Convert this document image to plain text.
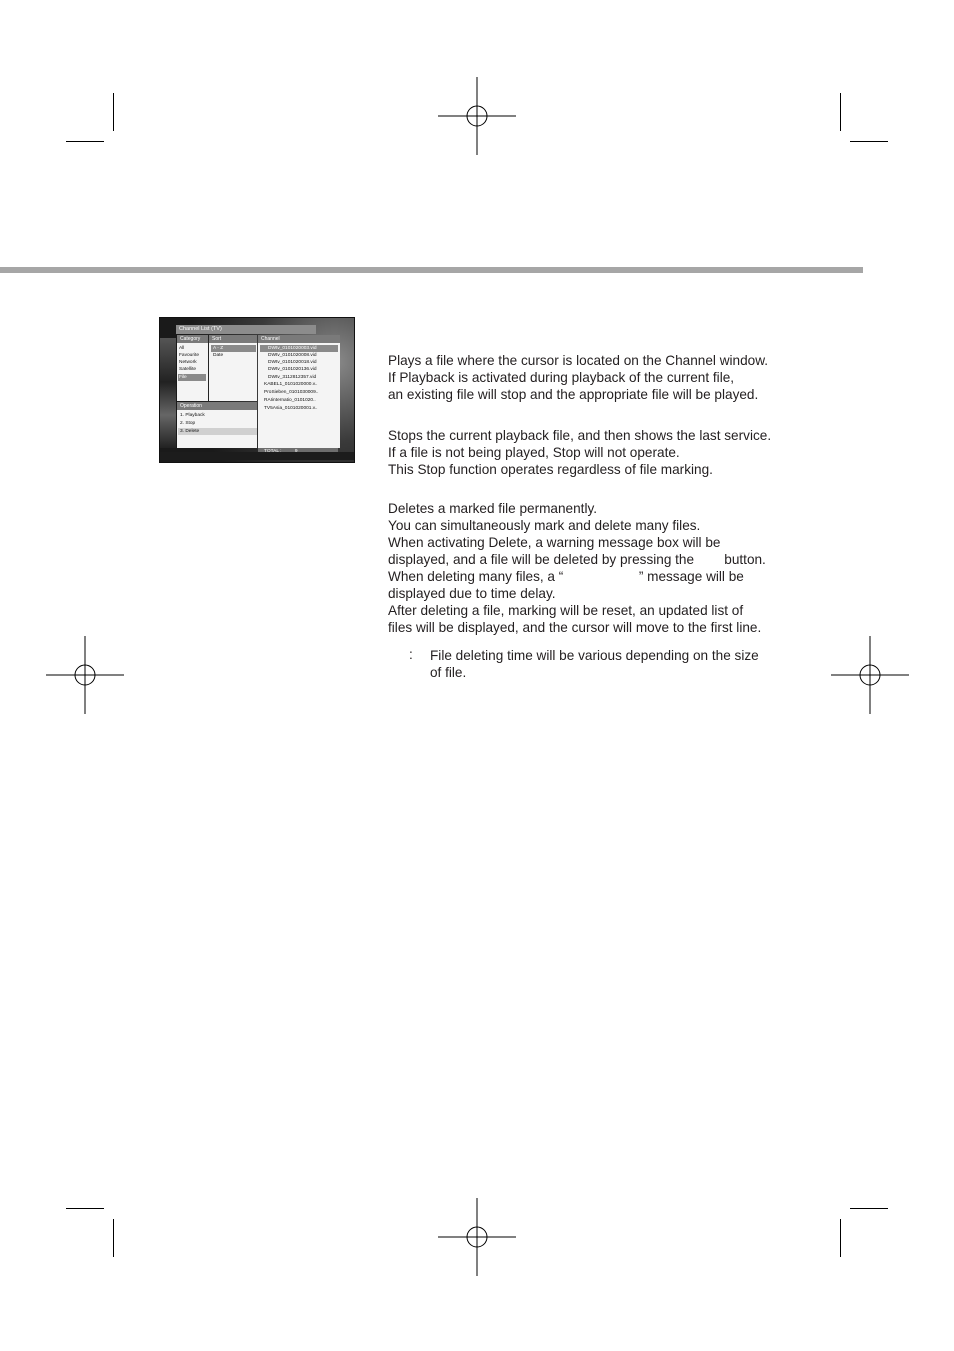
Channel List (TV)
Category	Sort	Channel
All
Favourite
Network
Satellite
File
A - Z
Date
DWtv_0101020003.vid
DWtv_0101020008.vid
DWtv_0101020018.vid
DWtv_0101020136.vid
DWtv_3112812357.vid
KABEL1_0101020000.v..
ProSieben_0101030009..
RAIinternatio_0101020..
TV5Asia_0101020001.v..
Operation
1. Playback
2. Stop
3. Delete
Plays a file where the cursor is located on the Channel window.
If Playback is activated during playback of the current file,
an existing file will stop and the appropriate file will be played.
Stops the current playback file, and then shows the last service.
If a file is not being played, Stop will not operate.
This Stop function operates regardless of file marking.
Deletes a marked file permanently.
You can simultaneously mark and delete many files.
When activating Delete, a warning message box will be
displayed, and a file will be deleted by pressing the        button.
When deleting many files, a “                    ” message will be
displayed due to time delay.
After deleting a file, marking will be reset, an updated list of
files will be displayed, and the cursor will move to the first line.
: File deleting time will be various depending on the size
of file.
